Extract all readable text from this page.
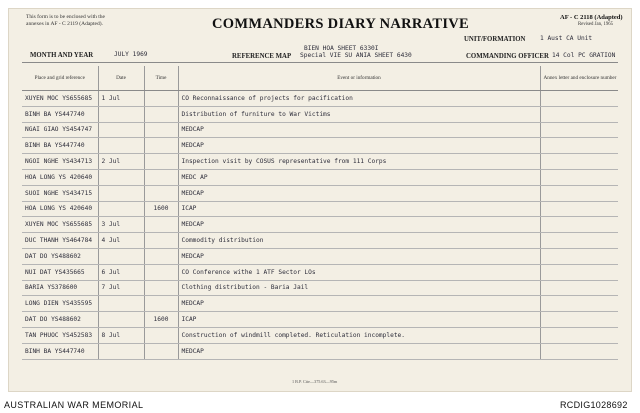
This form is to be enclosed with the
annexes in AF - C 2119 (Adapted).	COMMANDERS DIARY NARRATIVE	AF - C 2118 (Adapted)
Revised Jan, 1965
UNIT/FORMATION 1 Aust CA Unit
MONTH AND YEAR	JULY 1969
BIEN HOA SHEET 6330I
REFERENCE MAP Special VIE SU ANIA SHEET 6430	COMMANDING OFFICER 14 Col PC GRATION
Place and grid reference	Date	Time	Event or information	Annex letter and enclosure number

XUYEN MOC YS655685	1 Jul		CO Reconnaissance of projects for pacification	
BINH BA YS447740			Distribution of furniture to War Victims	
NGAI GIAO YS454747			MEDCAP	
BINH BA YS447740			MEDCAP	
NGOI NGHE YS434713	2 Jul		Inspection visit by COSUS representative from 111 Corps	
HOA LONG YS 420640			MEDC AP	
SUOI NGHE YS434715			MEDCAP	
HOA LONG YS 420640		1600	ICAP	
XUYEN MOC YS655685	3 Jul		MEDCAP	
DUC THANH YS464784	4 Jul		Commodity distribution	
DAT DO YS488602			MEDCAP	
NUI DAT YS435665	6 Jul		CO Conference withe 1 ATF Sector LOs	
BARIA YS378600	7 Jul		Clothing distribution - Baria Jail	
LONG DIEN YS435595			MEDCAP	
DAT DO YS488602		1600	ICAP	
TAN PHUOC YS452583	8 Jul		Construction of windmill completed. Reticulation incomplete.	
BINH BA YS447740			MEDCAP	
1 B.P. Ctte—375.63—95m
AUSTRALIAN WAR MEMORIAL	RCDIG1028692
